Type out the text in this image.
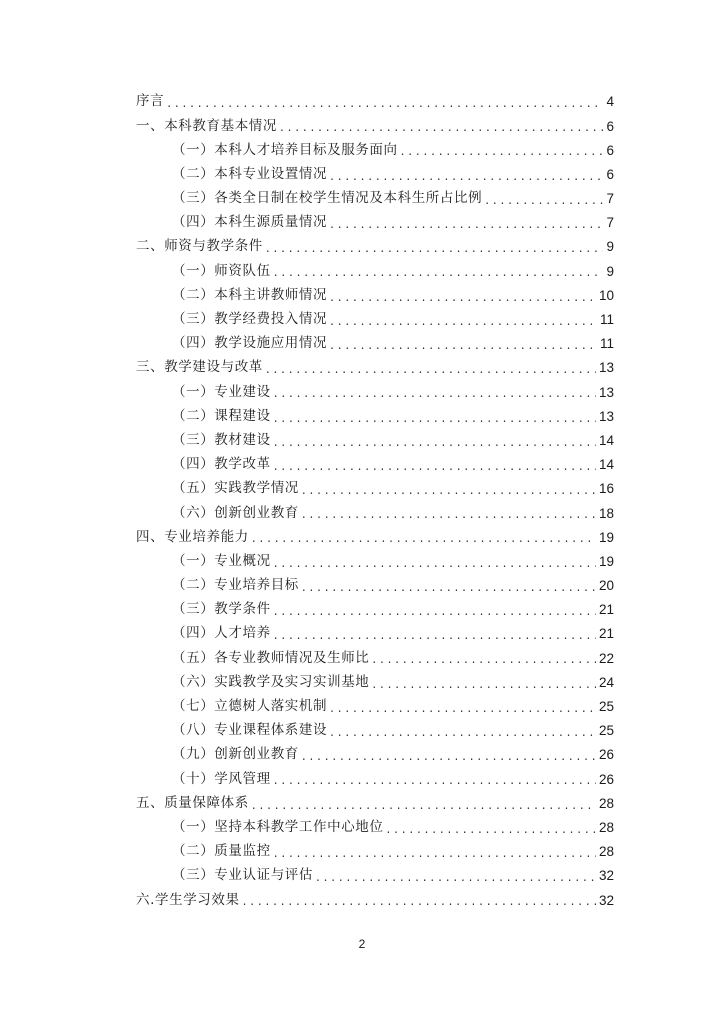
序言 . . .	4
一、本科教育基本情况 . . .	6
（一）本科人才培养目标及服务面向 . . .	6
（二）本科专业设置情况 . . .	6
（三）各类全日制在校学生情况及本科生所占比例 . . .	7
（四）本科生源质量情况 . . .	7
二、师资与教学条件 . . .	9
（一）师资队伍 . . .	9
（二）本科主讲教师情况 . . .	10
（三）教学经费投入情况 . . .	11
（四）教学设施应用情况 . . .	11
三、教学建设与改革 . . .	13
（一）专业建设 . . .	13
（二）课程建设 . . .	13
（三）教材建设 . . .	14
（四）教学改革 . . .	14
（五）实践教学情况 . . .	16
（六）创新创业教育 . . .	18
四、专业培养能力 . . .	19
（一）专业概况 . . .	19
（二）专业培养目标 . . .	20
（三）教学条件 . . .	21
（四）人才培养 . . .	21
（五）各专业教师情况及生师比 . . .	22
（六）实践教学及实习实训基地 . . .	24
（七）立德树人落实机制 . . .	25
（八）专业课程体系建设 . . .	25
（九）创新创业教育 . . .	26
（十）学风管理 . . .	26
五、质量保障体系 . . .	28
（一）坚持本科教学工作中心地位 . . .	28
（二）质量监控 . . .	28
（三）专业认证与评估 . . .	32
六.学生学习效果 . . .	32
2
